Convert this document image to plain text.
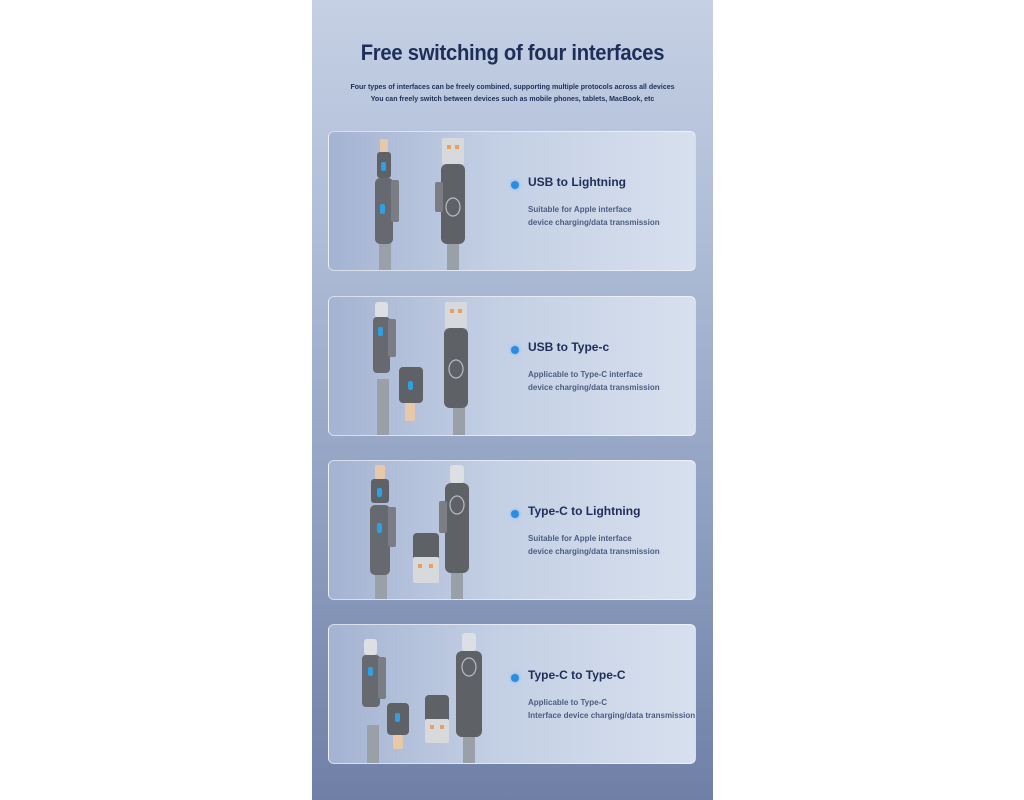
Free switching of four interfaces
Four types of interfaces can be freely combined, supporting multiple protocols across all devices
You can freely switch between devices such as mobile phones, tablets, MacBook, etc
USB to Lightning
Suitable for Apple interface
device charging/data transmission
USB to Type-c
Applicable to Type-C interface
device charging/data transmission
Type-C to Lightning
Suitable for Apple interface
device charging/data transmission
Type-C to Type-C
Applicable to Type-C
Interface device charging/data transmission
